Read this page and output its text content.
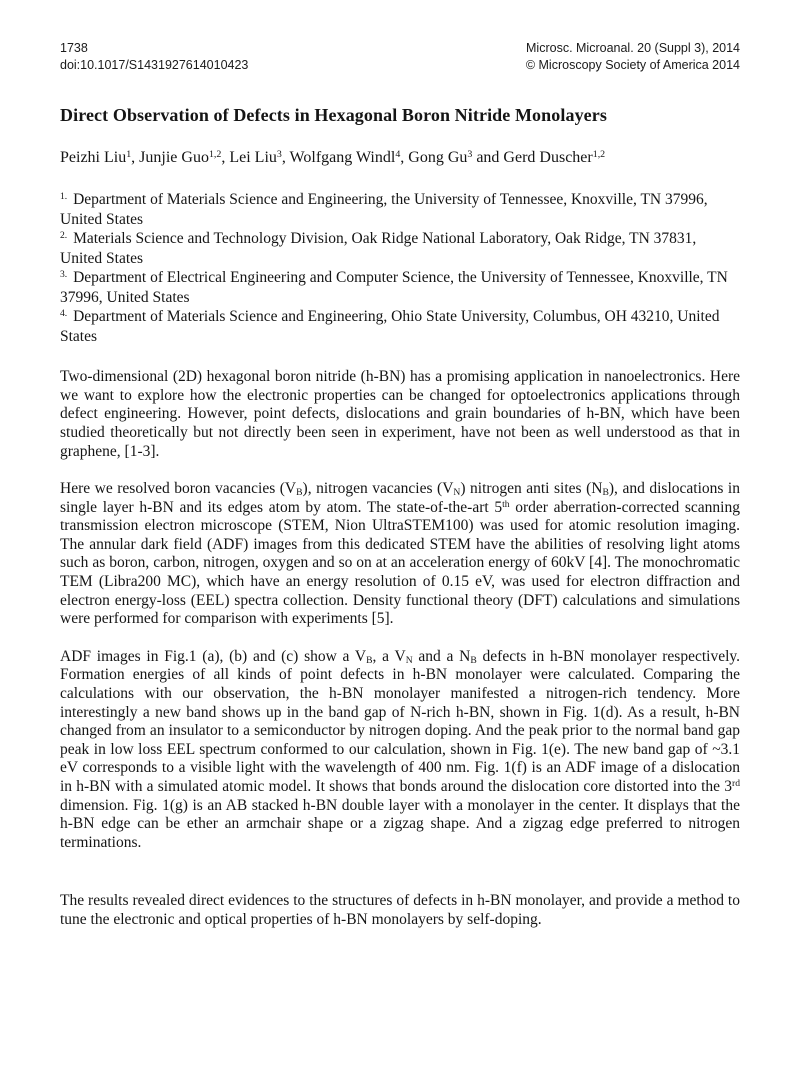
1738
doi:10.1017/S1431927614010423
Microsc. Microanal. 20 (Suppl 3), 2014
© Microscopy Society of America 2014
Direct Observation of Defects in Hexagonal Boron Nitride Monolayers

Peizhi Liu$^1$, Junjie Guo$^{1,2}$, Lei Liu$^3$, Wolfgang Windl$^4$, Gong Gu$^3$ and Gerd Duscher$^{1,2}$

$^{1.}$ Department of Materials Science and Engineering, the University of Tennessee, Knoxville, TN 37996, United States

$^{2.}$ Materials Science and Technology Division, Oak Ridge National Laboratory, Oak Ridge, TN 37831, United States

$^{3.}$ Department of Electrical Engineering and Computer Science, the University of Tennessee, Knoxville, TN 37996, United States

$^{4.}$ Department of Materials Science and Engineering, Ohio State University, Columbus, OH 43210, United States

Two-dimensional (2D) hexagonal boron nitride (h-BN) has a promising application in nanoelectronics. Here we want to explore how the electronic properties can be changed for optoelectronics applications through defect engineering. However, point defects, dislocations and grain boundaries of h-BN, which have been studied theoretically but not directly been seen in experiment, have not been as well understood as that in graphene, [1-3].

Here we resolved boron vacancies $(V_B)$, nitrogen vacancies $(V_N)$ nitrogen anti sites $(N_B)$, and dislocations in single layer h-BN and its edges atom by atom. The state-of-the-art 5th order aberration-corrected scanning transmission electron microscope (STEM, Nion UltraSTEM100) was used for atomic resolution imaging. The annular dark field (ADF) images from this dedicated STEM have the abilities of resolving light atoms such as boron, carbon, nitrogen, oxygen and so on at an acceleration energy of 60kV [4]. The monochromatic TEM (Libra200 MC), which have an energy resolution of 0.15 eV, was used for electron diffraction and electron energy-loss (EEL) spectra collection. Density functional theory (DFT) calculations and simulations were performed for comparison with experiments [5].

ADF images in Fig.1 (a), (b) and (c) show a $V_B$, a $V_N$ and a $N_B$ defects in h-BN monolayer respectively. Formation energies of all kinds of point defects in h-BN monolayer were calculated. Comparing the calculations with our observation, the h-BN monolayer manifested a nitrogen-rich tendency. More interestingly a new band shows up in the band gap of N-rich h-BN, shown in Fig. 1(d). As a result, h-BN changed from an insulator to a semiconductor by nitrogen doping. And the peak prior to the normal band gap peak in low loss EEL spectrum conformed to our calculation, shown in Fig. 1(e). The new band gap of ~3.1 eV corresponds to a visible light with the wavelength of 400 nm. Fig. 1(f) is an ADF image of a dislocation in h-BN with a simulated atomic model. It shows that bonds around the dislocation core distorted into the 3rd dimension. Fig. 1(g) is an AB stacked h-BN double layer with a monolayer in the center. It displays that the h-BN edge can be ether an armchair shape or a zigzag shape. And a zigzag edge preferred to nitrogen terminations.

The results revealed direct evidences to the structures of defects in h-BN monolayer, and provide a method to tune the electronic and optical properties of h-BN monolayers by self-doping.
